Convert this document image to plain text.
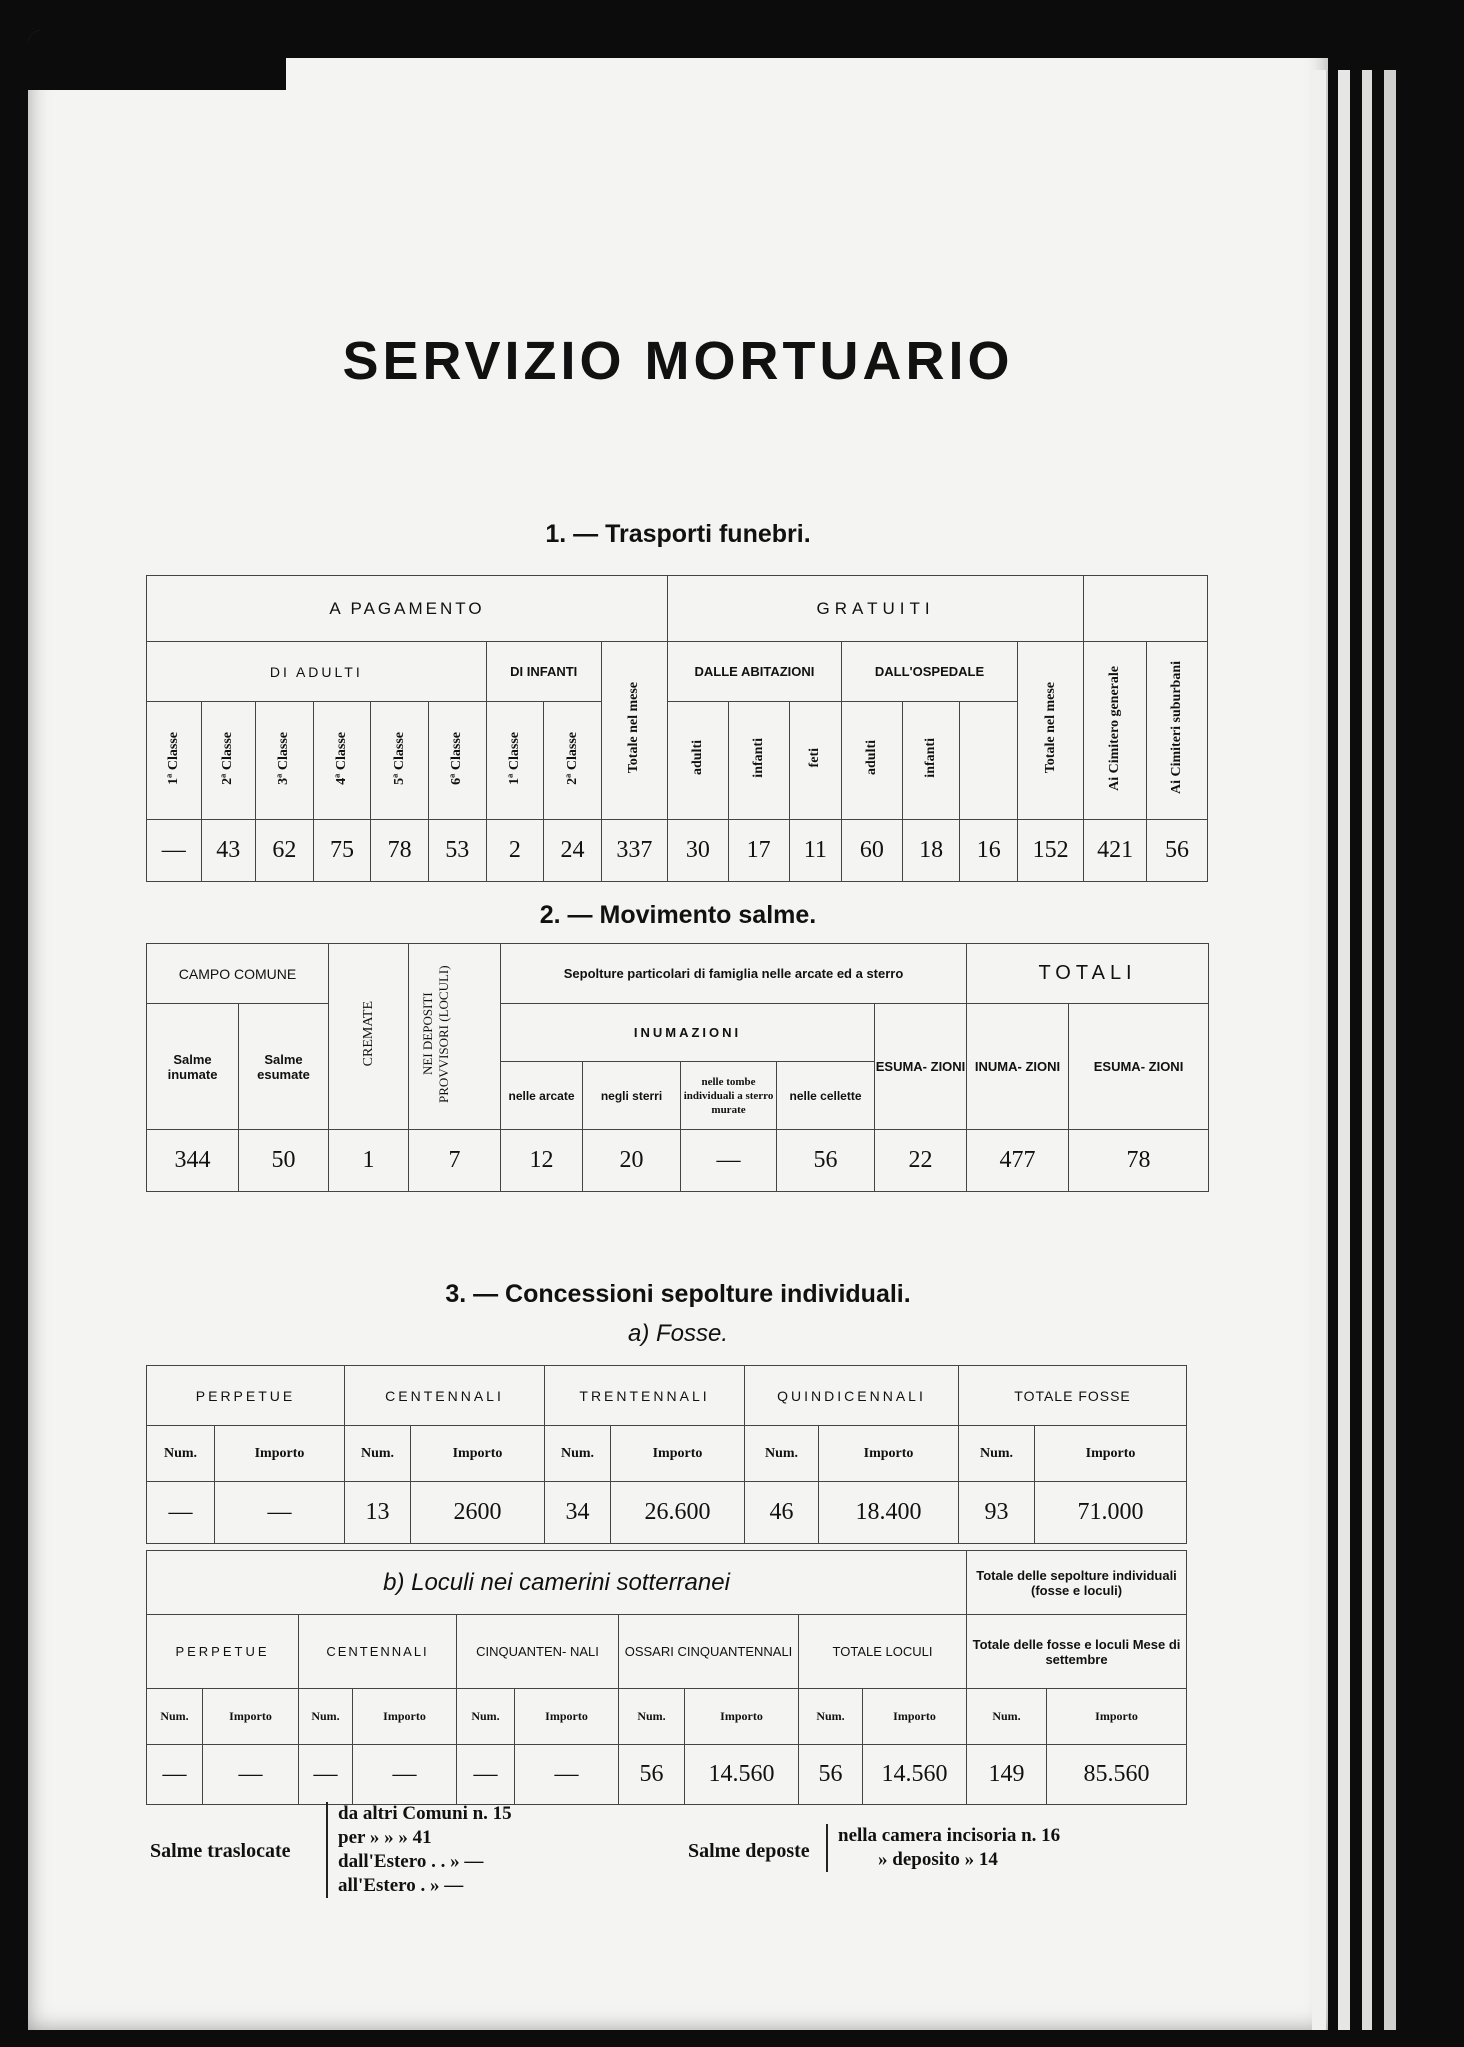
SERVIZIO MORTUARIO
1. — Trasporti funebri.
A PAGAMENTO									GRATUITI								
DI ADULTI						DI INFANTI		Totale nel mese	DALLE ABITAZIONI			DALL'OSPEDALE			Totale nel mese	Ai Cimitero generale	Ai Cimiteri suburbani
1ª Classe	2ª Classe	3ª Classe	4ª Classe	5ª Classe	6ª Classe	1ª Classe	2ª Classe		adulti	infanti	feti	adulti	infanti				
—	43	62	75	78	53	2	24	337	30	17	11	60	18	16	152	421	56
2. — Movimento salme.
CAMPO COMUNE		CREMATE	NEI DEPOSITI PROVVISORI (LOCULI)	Sepolture particolari di famiglia nelle arcate ed a sterro					TOTALI	
Salme inumate	Salme esumate			INUMAZIONI				ESUMA- ZIONI	INUMA- ZIONI	ESUMA- ZIONI
				nelle arcate	negli sterri	nelle tombe individuali a sterro murate	nelle cellette			
344	50	1	7	12	20	—	56	22	477	78
3. — Concessioni sepolture individuali.
a) Fosse.
PERPETUE		CENTENNALI		TRENTENNALI		QUINDICENNALI		TOTALE FOSSE	
Num.	Importo	Num.	Importo	Num.	Importo	Num.	Importo	Num.	Importo
—	—	13	2600	34	26.600	46	18.400	93	71.000
b) Loculi nei camerini sotterranei										Totale delle sepolture individuali (fosse e loculi)	
PERPETUE		CENTENNALI		CINQUANTEN- NALI		OSSARI CINQUANTENNALI		TOTALE LOCULI		Totale delle fosse e loculi Mese di settembre	
Num.	Importo	Num.	Importo	Num.	Importo	Num.	Importo	Num.	Importo	Num.	Importo
—	—	—	—	—	—	56	14.560	56	14.560	149	85.560
Salme traslocate
da altri Comuni n. 15
per » » » 41
dall'Estero . . » —
all'Estero . » —
Salme deposte
nella camera incisoria n. 16
» deposito » 14
